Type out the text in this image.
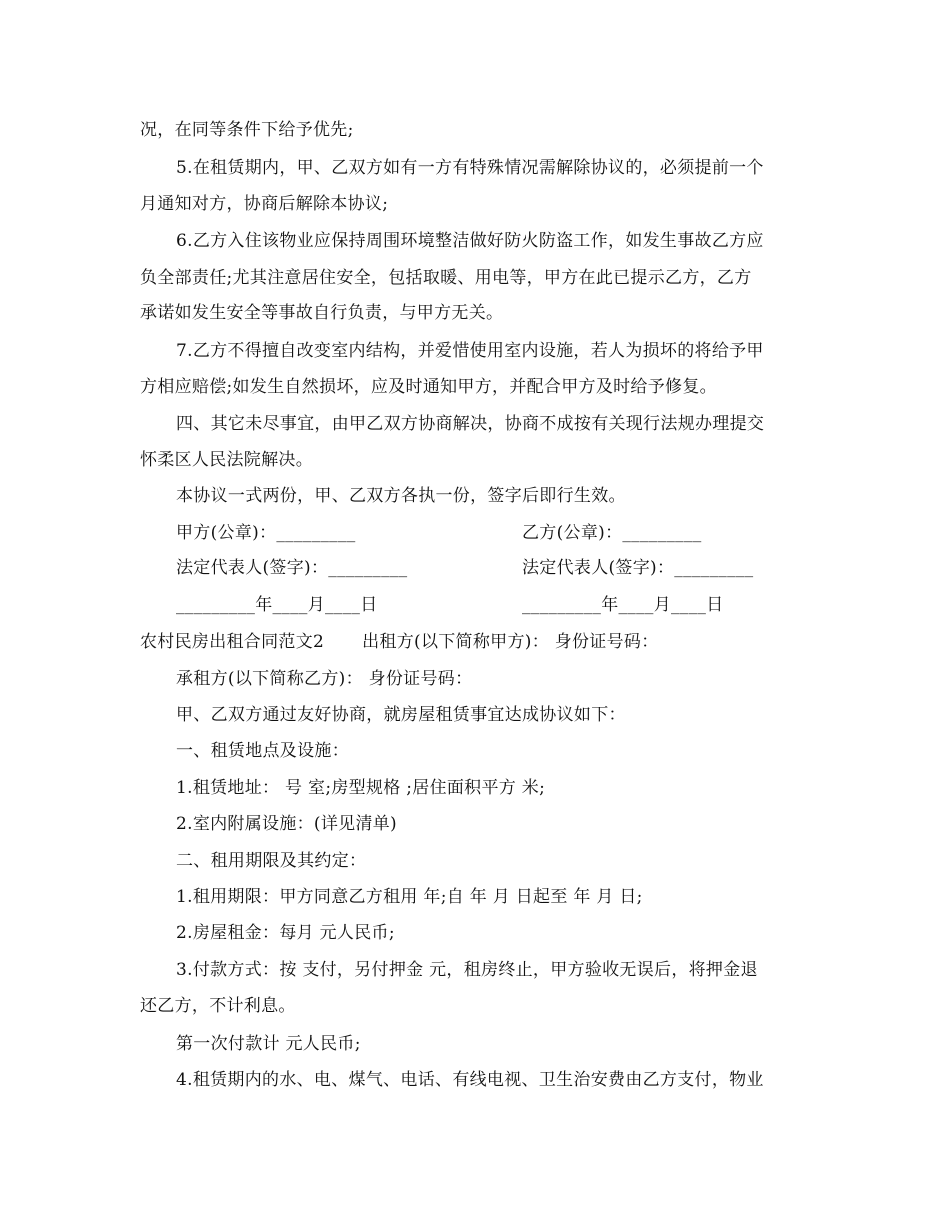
况，在同等条件下给予优先;
5.在租赁期内，甲、乙双方如有一方有特殊情况需解除协议的，必须提前一个
月通知对方，协商后解除本协议;
6.乙方入住该物业应保持周围环境整洁做好防火防盗工作，如发生事故乙方应
负全部责任;尤其注意居住安全，包括取暖、用电等，甲方在此已提示乙方，乙方
承诺如发生安全等事故自行负责，与甲方无关。
7.乙方不得擅自改变室内结构，并爱惜使用室内设施，若人为损坏的将给予甲
方相应赔偿;如发生自然损坏，应及时通知甲方，并配合甲方及时给予修复。
四、其它未尽事宜，由甲乙双方协商解决，协商不成按有关现行法规办理提交
怀柔区人民法院解决。
本协议一式两份，甲、乙双方各执一份，签字后即行生效。
甲方(公章)：_________	乙方(公章)：_________
法定代表人(签字)：_________	法定代表人(签字)：_________
_________年____月____日	_________年____月____日
农村民房出租合同范文2 出租方(以下简称甲方)： 身份证号码：
承租方(以下简称乙方)： 身份证号码：
甲、乙双方通过友好协商，就房屋租赁事宜达成协议如下：
一、租赁地点及设施：
1.租赁地址： 号 室;房型规格 ;居住面积平方 米;
2.室内附属设施：(详见清单)
二、租用期限及其约定：
1.租用期限：甲方同意乙方租用 年;自 年 月 日起至 年 月 日;
2.房屋租金：每月 元人民币;
3.付款方式：按 支付，另付押金 元，租房终止，甲方验收无误后，将押金退
还乙方，不计利息。
第一次付款计 元人民币;
4.租赁期内的水、电、煤气、电话、有线电视、卫生治安费由乙方支付，物业
